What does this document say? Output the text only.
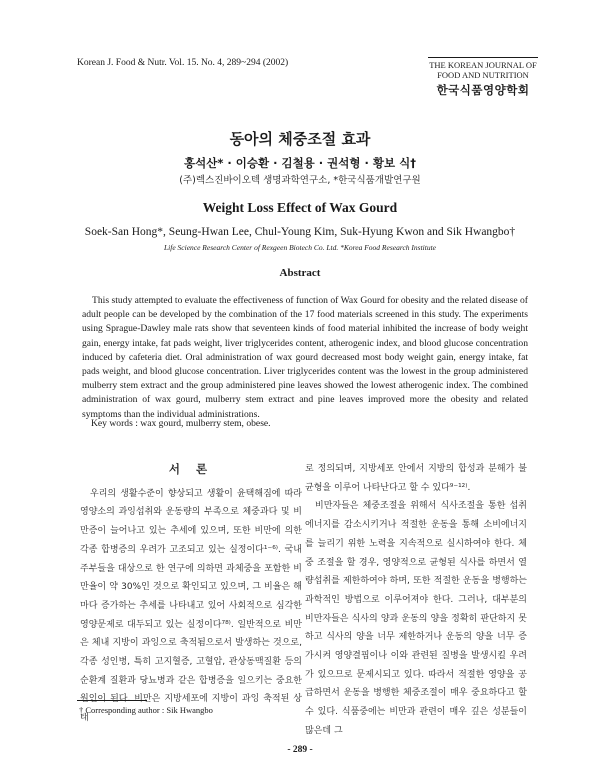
Korean J. Food & Nutr. Vol. 15. No. 4, 289~294 (2002)	THE KOREAN JOURNAL OF
FOOD AND NUTRITION
한국식품영양학회
동아의 체중조절 효과
홍석산* · 이승환 · 김철용 · 권석형 · 황보 식†
(주)렉스진바이오텍 생명과학연구소, *한국식품개발연구원
Weight Loss Effect of Wax Gourd
Soek-San Hong*, Seung-Hwan Lee, Chul-Young Kim, Suk-Hyung Kwon and Sik Hwangbo†
Life Science Research Center of Rexgeen Biotech Co. Ltd. *Korea Food Research Institute
Abstract
This study attempted to evaluate the effectiveness of function of Wax Gourd for obesity and the related disease of adult people can be developed by the combination of the 17 food materials screened in this study. The experiments using Sprague-Dawley male rats show that seventeen kinds of food material inhibited the increase of body weight gain, energy intake, fat pads weight, liver triglycerides content, atherogenic index, and blood glucose concentration induced by cafeteria diet. Oral administration of wax gourd decreased most body weight gain, energy intake, fat pads weight, and blood glucose concentration. Liver triglycerides content was the lowest in the group administered mulberry stem extract and the group administered pine leaves showed the lowest atherogenic index. The combined administration of wax gourd, mulberry stem extract and pine leaves improved more the obesity and related symptoms than the individual administrations.
Key words : wax gourd, mulberry stem, obese.
서 론
우리의 생활수준이 향상되고 생활이 윤택해짐에 따라 영양소의 과잉섭취와 운동량의 부족으로 체중과다 및 비만증이 늘어나고 있는 추세에 있으며, 또한 비만에 의한 각종 합병증의 우려가 고조되고 있는 실정이다¹⁻⁶⁾. 국내 주부들을 대상으로 한 연구에 의하면 과체중을 포함한 비만율이 약 30%인 것으로 확인되고 있으며, 그 비율은 해마다 증가하는 추세를 나타내고 있어 사회적으로 심각한 영양문제로 대두되고 있는 실정이다⁷⁸⁾. 일반적으로 비만은 체내 지방이 과잉으로 축적됨으로서 발생하는 것으로, 각종 성인병, 특히 고지혈증, 고혈압, 관상동맥질환 등의 순환계 질환과 당뇨병과 같은 합병증을 일으키는 중요한 원인이 된다. 비만은 지방세포에 지방이 과잉 축적된 상태
로 정의되며, 지방세포 안에서 지방의 합성과 분해가 불균형을 이루어 나타난다고 할 수 있다⁹⁻¹²⁾.
비만자들은 체중조절을 위해서 식사조절을 통한 섭취에너지를 감소시키거나 적절한 운동을 통해 소비에너지를 늘리기 위한 노력을 지속적으로 실시하여야 한다. 체중 조절을 할 경우, 영양적으로 균형된 식사를 하면서 열량섭취를 제한하여야 하며, 또한 적절한 운동을 병행하는 과학적인 방법으로 이루어져야 한다. 그러나, 대부분의 비만자들은 식사의 양과 운동의 양을 정확히 판단하지 못하고 식사의 양을 너무 제한하거나 운동의 양을 너무 증가시켜 영양결핍이나 이와 관련된 질병을 발생시킬 우려가 있으므로 문제시되고 있다. 따라서 적절한 영양을 공급하면서 운동을 병행한 체중조절이 매우 중요하다고 할 수 있다. 식품중에는 비만과 관련이 매우 깊은 성분들이 많은데 그
† Corresponding author : Sik Hwangbo
- 289 -
